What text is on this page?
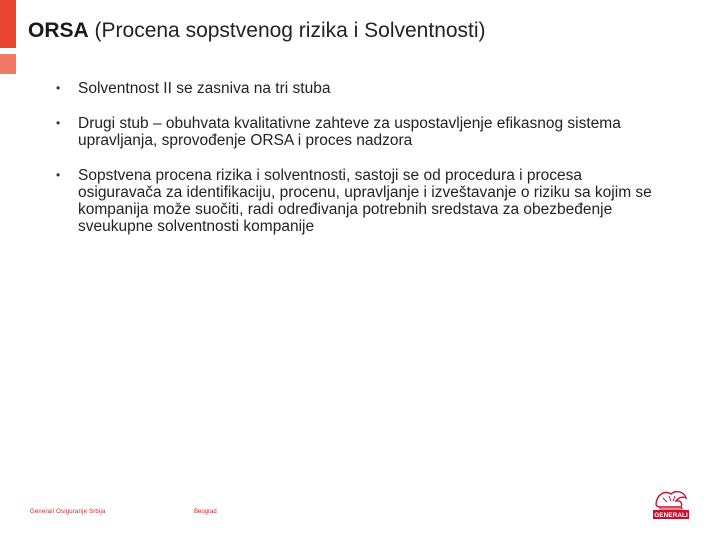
ORSA (Procena sopstvenog rizika i Solventnosti)
•	Solventnost II se zasniva na tri stuba
•	Drugi stub – obuhvata kvalitativne zahteve za uspostavljenje efikasnog sistema upravljanja, sprovođenje ORSA i proces nadzora
•	Sopstvena procena rizika i solventnosti, sastoji se od procedura i procesa osiguravača za identifikaciju, procenu, upravljanje i izveštavanje o riziku sa kojim se kompanija može suočiti, radi određivanja potrebnih sredstava za obezbeđenje sveukupne solventnosti kompanije
Generali Osiguranje Srbija	Beograd	GENERALI
